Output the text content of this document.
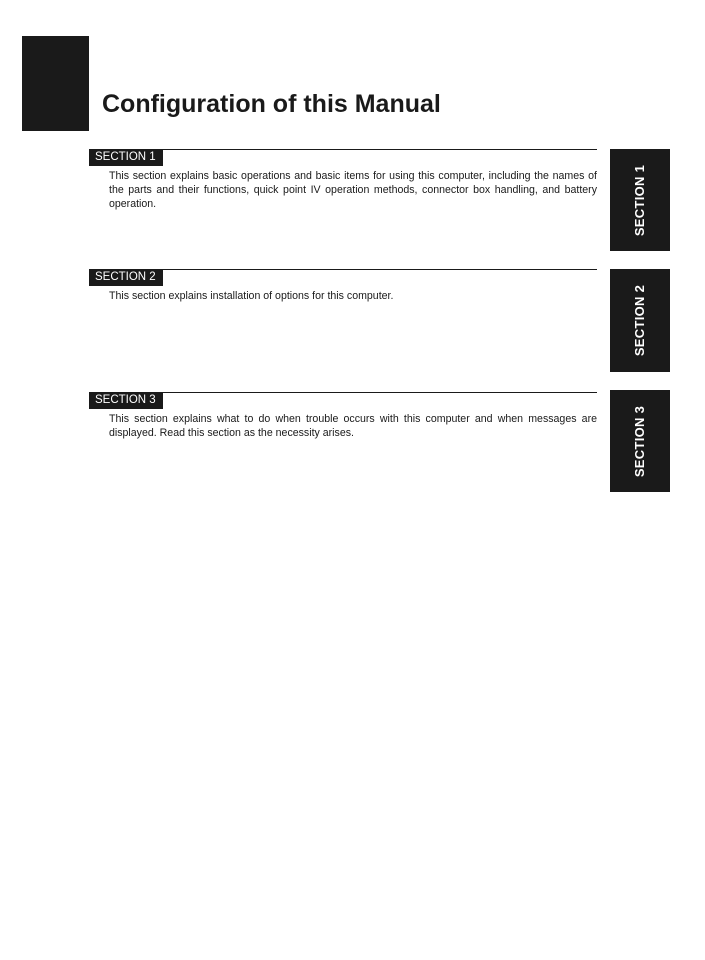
Configuration of this Manual
SECTION 1

This section explains basic operations and basic items for using this computer, including the names of the parts and their functions, quick point IV operation methods, connector box handling, and battery operation.

SECTION 2

This section explains installation of options for this computer.

SECTION 3

This section explains what to do when trouble occurs with this computer and when messages are displayed. Read this section as the necessity arises.

SECTION 1
SECTION 2
SECTION 3
